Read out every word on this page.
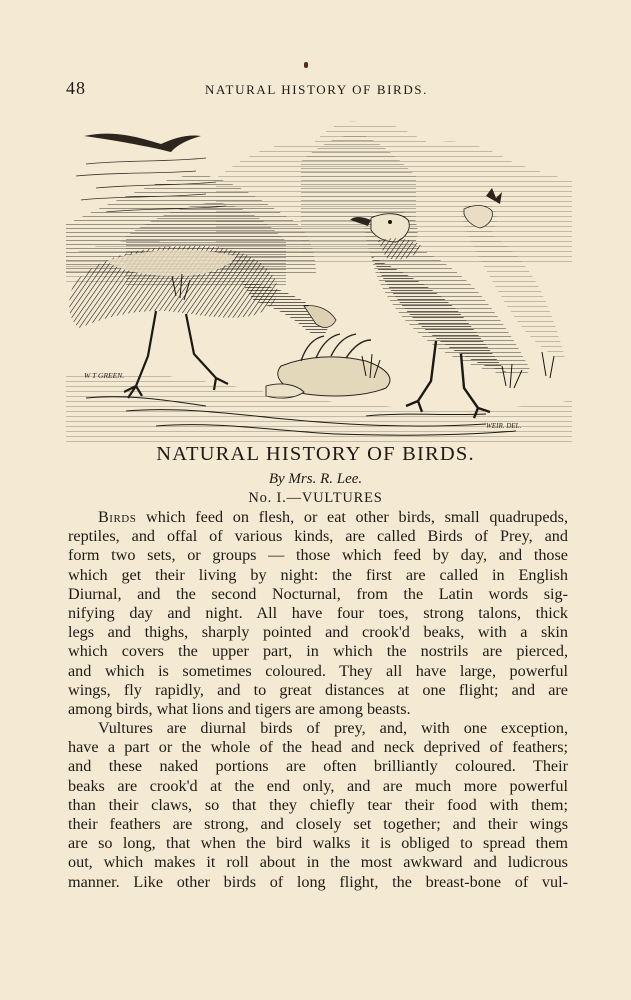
48	NATURAL HISTORY OF BIRDS.
W T GREEN.
WEIR. DEL.
NATURAL HISTORY OF BIRDS.
By Mrs. R. Lee.
No. I.—VULTURES
Birds which feed on flesh, or eat other birds, small quadrupeds,
reptiles, and offal of various kinds, are called Birds of Prey, and
form two sets, or groups — those which feed by day, and those
which get their living by night: the first are called in English
Diurnal, and the second Nocturnal, from the Latin words sig-
nifying day and night. All have four toes, strong talons, thick
legs and thighs, sharply pointed and crook'd beaks, with a skin
which covers the upper part, in which the nostrils are pierced,
and which is sometimes coloured. They all have large, powerful
wings, fly rapidly, and to great distances at one flight; and are
among birds, what lions and tigers are among beasts.
Vultures are diurnal birds of prey, and, with one exception,
have a part or the whole of the head and neck deprived of feathers;
and these naked portions are often brilliantly coloured. Their
beaks are crook'd at the end only, and are much more powerful
than their claws, so that they chiefly tear their food with them;
their feathers are strong, and closely set together; and their wings
are so long, that when the bird walks it is obliged to spread them
out, which makes it roll about in the most awkward and ludicrous
manner. Like other birds of long flight, the breast-bone of vul-
